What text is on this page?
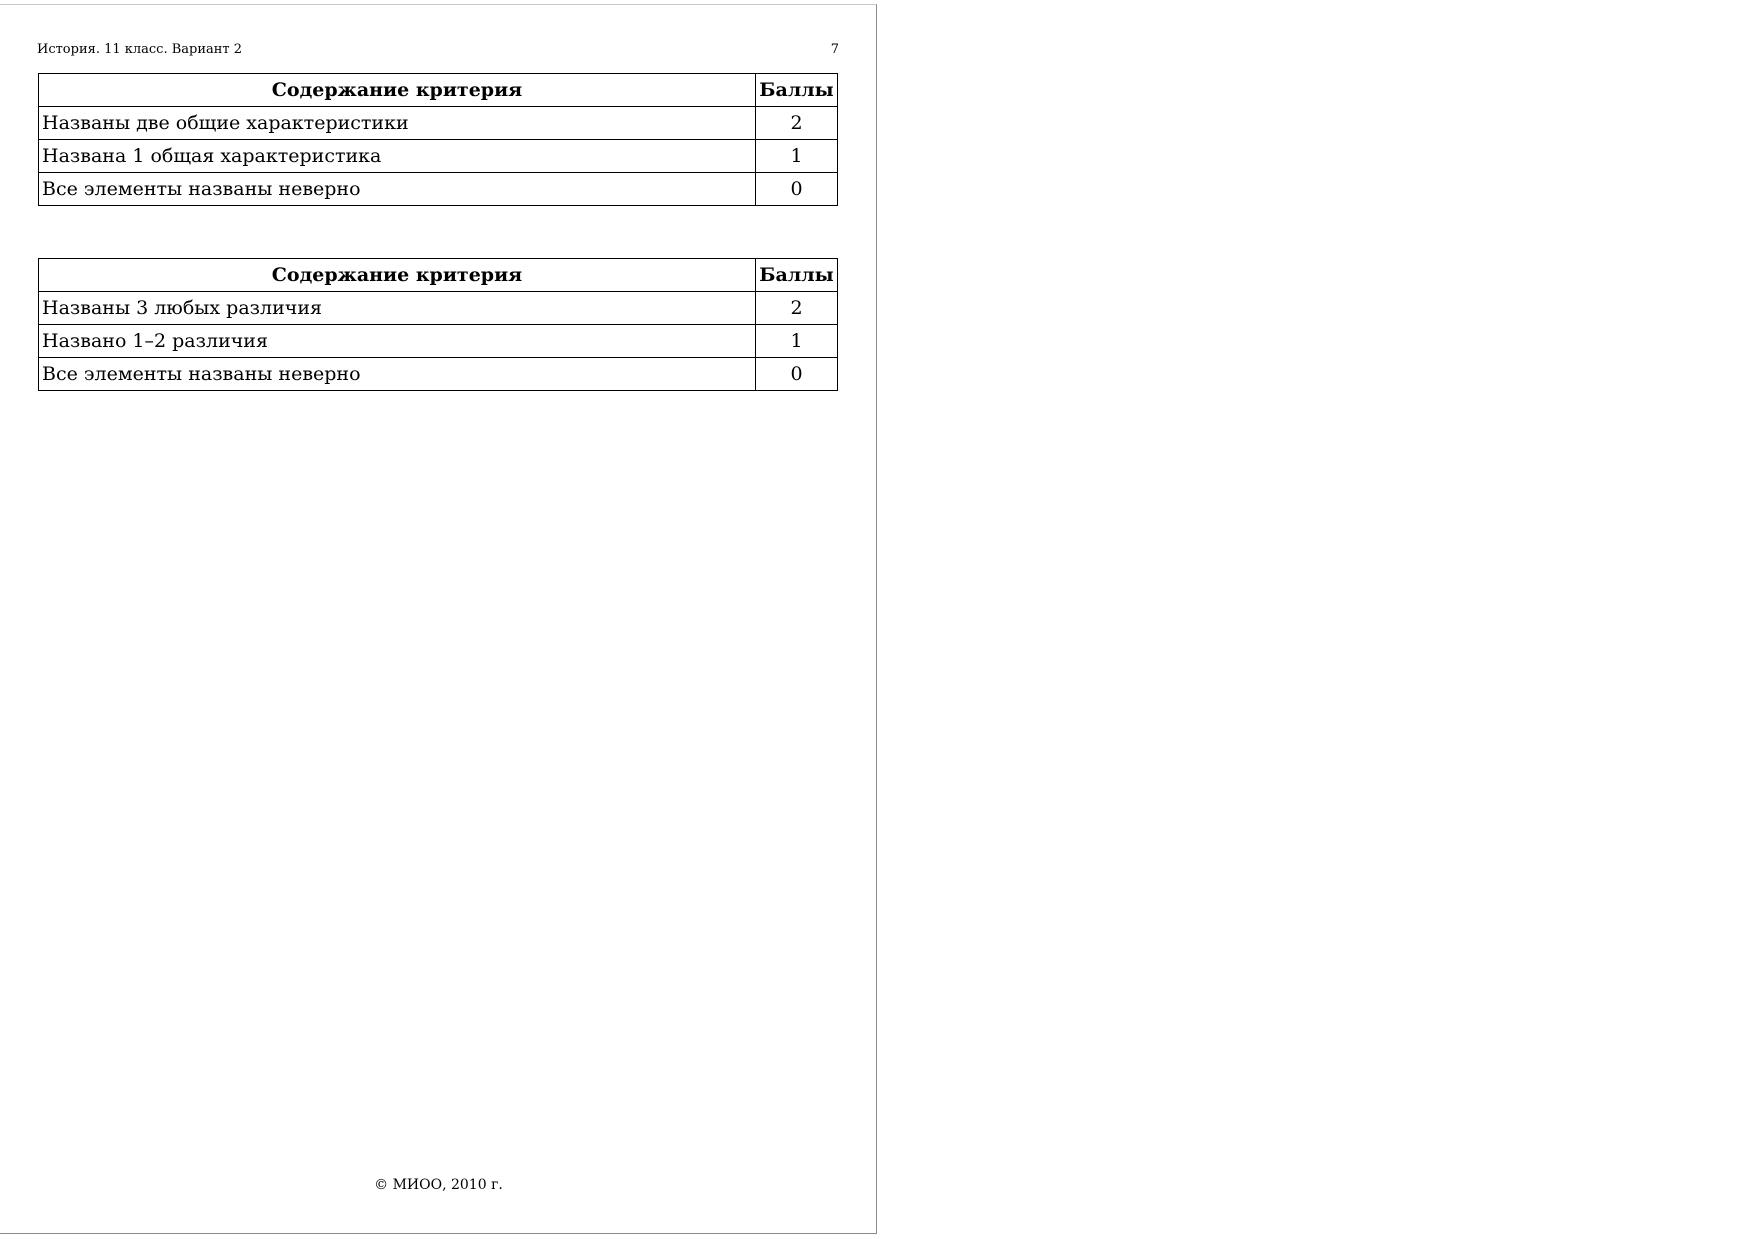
История. 11 класс. Вариант 2	7
Содержание критерия	Баллы
Названы две общие характеристики	2
Названа 1 общая характеристика	1
Все элементы названы неверно	0
Содержание критерия	Баллы
Названы 3 любых различия	2
Названо 1–2 различия	1
Все элементы названы неверно	0
© МИОО, 2010 г.
